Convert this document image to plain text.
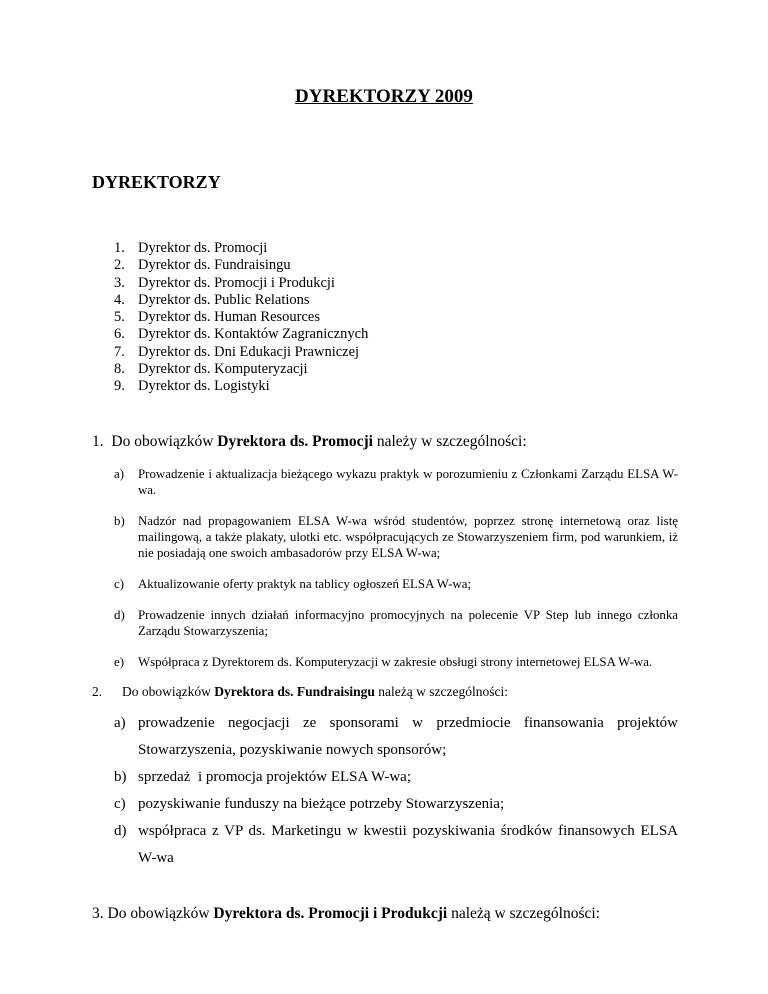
DYREKTORZY 2009
DYREKTORZY
1. Dyrektor ds. Promocji
2. Dyrektor ds. Fundraisingu
3. Dyrektor ds. Promocji i Produkcji
4. Dyrektor ds. Public Relations
5. Dyrektor ds. Human Resources
6. Dyrektor ds. Kontaktów Zagranicznych
7. Dyrektor ds. Dni Edukacji Prawniczej
8. Dyrektor ds. Komputeryzacji
9. Dyrektor ds. Logistyki

1.  Do obowiązków Dyrektora ds. Promocji należy w szczególności:

a)	Prowadzenie i aktualizacja bieżącego wykazu praktyk w porozumieniu z Członkami Zarządu ELSA W-wa.
b)	Nadzór nad propagowaniem ELSA W-wa wśród studentów, poprzez stronę internetową oraz listę mailingową, a także plakaty, ulotki etc. współpracujących ze Stowarzyszeniem firm, pod warunkiem, iż nie posiadają one swoich ambasadorów przy ELSA W-wa;
c)	Aktualizowanie oferty praktyk na tablicy ogłoszeń ELSA W-wa;
d)	Prowadzenie innych działań informacyjno promocyjnych na polecenie VP Step lub innego członka Zarządu Stowarzyszenia;
e)	Współpraca z Dyrektorem ds. Komputeryzacji w zakresie obsługi strony internetowej ELSA W-wa.

2. Do obowiązków Dyrektora ds. Fundraisingu należą w szczególności:

a) prowadzenie negocjacji ze sponsorami w przedmiocie finansowania projektów Stowarzyszenia, pozyskiwanie nowych sponsorów;
b) sprzedaż  i promocja projektów ELSA W-wa;
c) pozyskiwanie funduszy na bieżące potrzeby Stowarzyszenia;
d) współpraca z VP ds. Marketingu w kwestii pozyskiwania środków finansowych ELSA W-wa

3. Do obowiązków Dyrektora ds. Promocji i Produkcji należą w szczególności:
